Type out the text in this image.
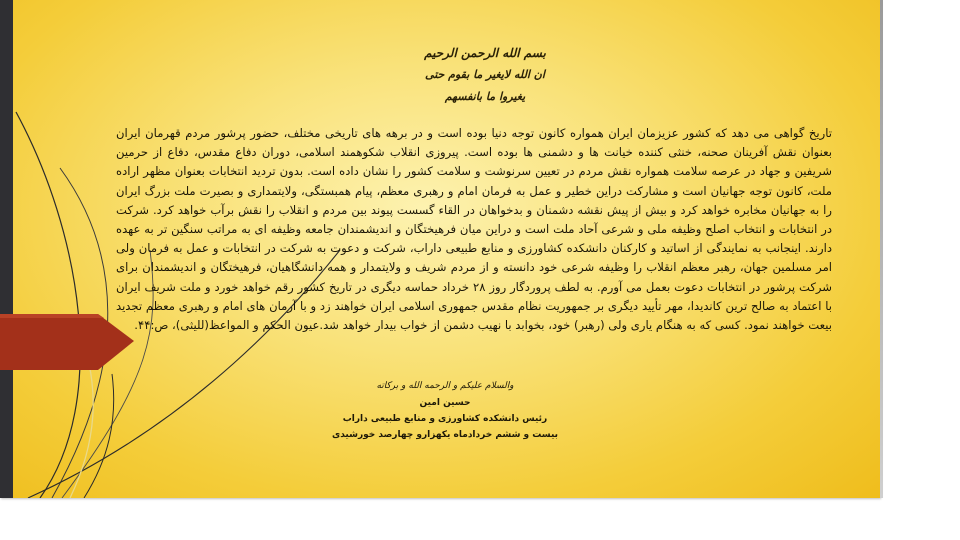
بسم الله الرحمن الرحیم
ان الله لایغیر ما بقوم حتی یغیروا ما بانفسهم
تاریخ گواهی می دهد که کشور عزیزمان ایران همواره کانون توجه دنیا بوده است و در برهه های تاریخی مختلف، حضور پرشور مردم قهرمان ایران بعنوان نقش آفرینان صحنه، خنثی کننده خیانت ها و دشمنی ها بوده است. پیروزی انقلاب شکوهمند اسلامی، دوران دفاع مقدس، دفاع از حرمین شریفین و جهاد در عرصه سلامت همواره نقش مردم در تعیین سرنوشت و سلامت کشور را نشان داده است. بدون تردید انتخابات بعنوان مظهر اراده ملت، کانون توجه جهانیان است و مشارکت دراین خطیر و عمل به فرمان امام و رهبری معظم، پیام همبستگی، ولایتمداری و بصیرت ملت بزرگ ایران را به جهانیان مخابره خواهد کرد و بیش از پیش نقشه دشمنان و بدخواهان در القاء گسست پیوند بین مردم و انقلاب را نقش برآب خواهد کرد. شرکت در انتخابات و انتخاب اصلح وظیفه ملی و شرعی آحاد ملت است و دراین میان فرهیختگان و اندیشمندان جامعه وظیفه ای به مراتب سنگین تر به عهده دارند. اینجانب به نمایندگی از اساتید و کارکنان دانشکده کشاورزی و منابع طبیعی داراب، شرکت و دعوت به شرکت در انتخابات و عمل به فرمان ولی امر مسلمین جهان، رهبر معظم انقلاب را وظیفه شرعی خود دانسته و از مردم شریف و ولایتمدار و همه دانشگاهیان، فرهیختگان و اندیشمندان برای شرکت پرشور در انتخابات دعوت بعمل می آورم. به لطف پروردگار روز ۲۸ خرداد حماسه دیگری در تاریخ کشور رقم خواهد خورد و ملت شریف ایران با اعتماد به صالح ترین کاندیدا، مهر تأیید دیگری بر جمهوریت نظام مقدس جمهوری اسلامی ایران خواهند زد و با آرمان های امام و رهبری معظم تجدید بیعت خواهند نمود. کسی که به هنگام یاری ولی (رهبر) خود، بخوابد با نهیب دشمن از خواب بیدار خواهد شد.عیون الحکم و المواعظ(للیثی)، ص:۴۴.
والسلام علیکم و الرحمه الله و برکاته
حسین امین
رئیس دانشکده کشاورزی و منابع طبیعی داراب
بیست و ششم خردادماه یکهزارو چهارصد خورشیدی
